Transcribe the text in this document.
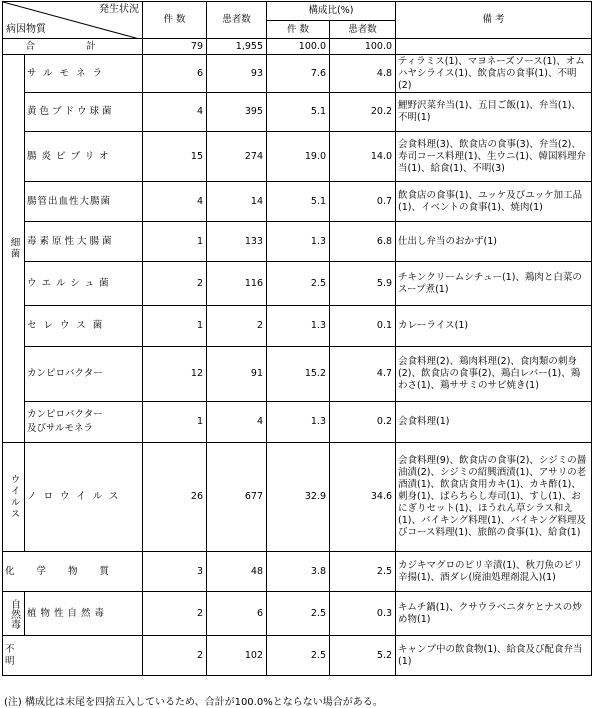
発生状況
病因物質		件 数	患者数	構成比(%)		備 考
				件 数	患者数	
合 計		79	1,955	100.0	100.0	
細菌	サルモネラ	6	93	7.6	4.8	ティラミス(1)、マヨネーズソース(1)、オムハヤシライス(1)、飲食店の食事(1)、不明(2)
	黄色ブドウ球菌	4	395	5.1	20.2	鯉野沢菜弁当(1)、五目ご飯(1)、弁当(1)、不明(1)
	腸炎ビブリオ	15	274	19.0	14.0	会食料理(3)、飲食店の食事(3)、弁当(2)、寿司コース料理(1)、生ウニ(1)、韓国料理弁当(1)、給食(1)、不明(3)
	腸管出血性大腸菌	4	14	5.1	0.7	飲食店の食事(1)、ユッケ及びユッケ加工品(1)、イベントの食事(1)、焼肉(1)
	毒素原性大腸菌	1	133	1.3	6.8	仕出し弁当のおかず(1)
	ウエルシュ菌	2	116	2.5	5.9	チキンクリームシチュー(1)、鶏肉と白菜のスープ煮(1)
	セレウス菌	1	2	1.3	0.1	カレーライス(1)
	カンピロバクター	12	91	15.2	4.7	会食料理(2)、鶏肉料理(2)、食肉類の刺身(2)、飲食店の食事(2)、鶏白レバー(1)、鶏わさ(1)、鶏ササミのサビ焼き(1)
	カンピロバクター
及びサルモネラ	1	4	1.3	0.2	会食料理(1)
ウイルス	ノロウイルス	26	677	32.9	34.6	会食料理(9)、飲食店の食事(2)、シジミの醤油漬(2)、シジミの紹興酒漬(1)、アサリの老酒漬(1)、飲食店食用カキ(1)、カキ酢(1)、刺身(1)、ばらちらし寿司(1)、すし(1)、おにぎりセット(1)、ほうれん草シラス和え(1)、バイキング料理(1)、バイキング料理及びコース料理(1)、旅館の食事(1)、給食(1)
化学物質		3	48	3.8	2.5	カジキマグロのピリ辛漬(1)、秋刀魚のピリ辛揚(1)、酒ダレ(廃油処理剤混入)(1)
自然毒	植物性自然毒	2	6	2.5	0.3	キムチ鍋(1)、クサウラベニタケとナスの炒め物(1)
不明		2	102	2.5	5.2	キャンプ中の飲食物(1)、給食及び配食弁当(1)
(注) 構成比は末尾を四捨五入しているため、合計が100.0%とならない場合がある。
